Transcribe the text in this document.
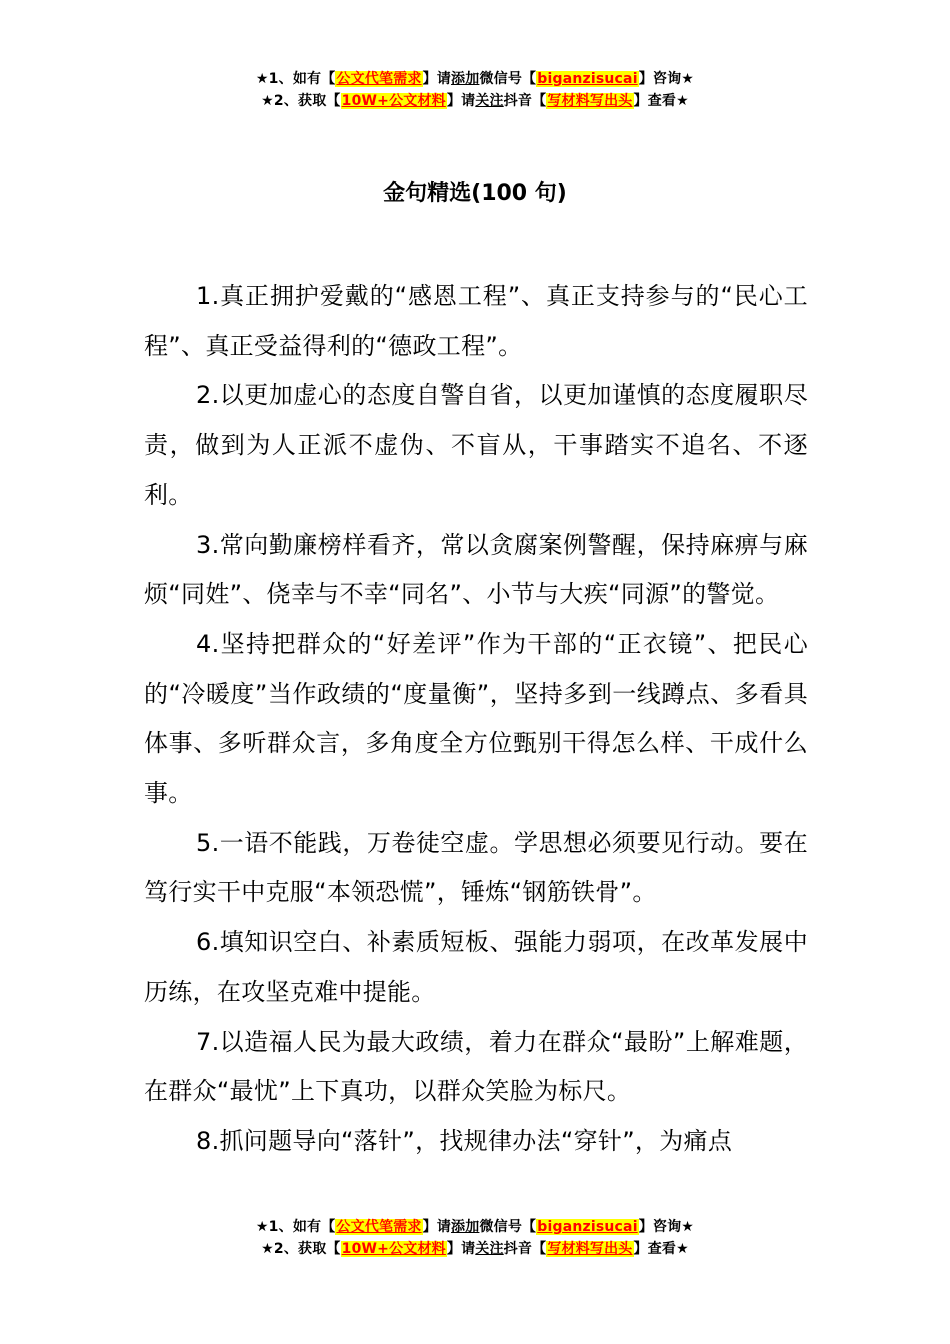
★1、如有【公文代笔需求】请添加微信号【biganzisucai】咨询★
★2、获取【10W+公文材料】请关注抖音【写材料写出头】查看★
金句精选(100 句)

1.真正拥护爱戴的“感恩工程”、真正支持参与的“民心工程”、真正受益得利的“德政工程”。

2.以更加虚心的态度自警自省，以更加谨慎的态度履职尽责，做到为人正派不虚伪、不盲从，干事踏实不追名、不逐利。

3.常向勤廉榜样看齐，常以贪腐案例警醒，保持麻痹与麻烦“同姓”、侥幸与不幸“同名”、小节与大疾“同源”的警觉。

4.坚持把群众的“好差评”作为干部的“正衣镜”、把民心的“冷暖度”当作政绩的“度量衡”，坚持多到一线蹲点、多看具体事、多听群众言，多角度全方位甄别干得怎么样、干成什么事。

5.一语不能践，万卷徒空虚。学思想必须要见行动。要在笃行实干中克服“本领恐慌”，锤炼“钢筋铁骨”。

6.填知识空白、补素质短板、强能力弱项，在改革发展中历练，在攻坚克难中提能。

7.以造福人民为最大政绩，着力在群众“最盼”上解难题，在群众“最忧”上下真功，以群众笑脸为标尺。

8.抓问题导向“落针”，找规律办法“穿针”，为痛点

★1、如有【公文代笔需求】请添加微信号【biganzisucai】咨询★
★2、获取【10W+公文材料】请关注抖音【写材料写出头】查看★
